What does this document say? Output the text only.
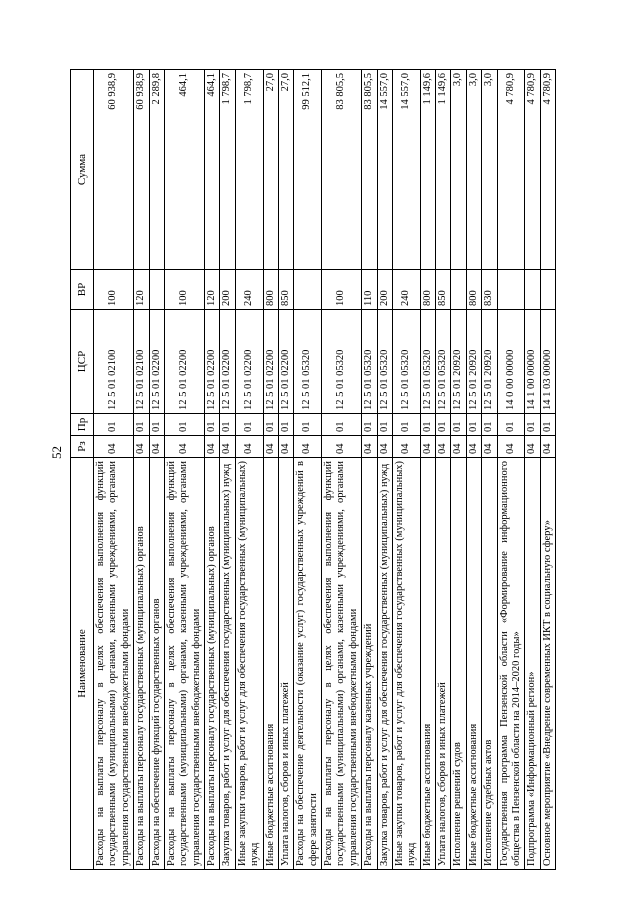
52
Наименование	Рз	Пр	ЦСР	ВР	Сумма
Расходы на выплаты персоналу в целях обеспечения выполнения функций государственными (муниципальными) органами, казенными учреждениями, органами управления государственными внебюджетными фондами	04	01	12 5 01 02100	100	60 938,9
Расходы на выплаты персоналу государственных (муниципальных) органов	04	01	12 5 01 02100	120	60 938,9
Расходы на обеспечение функций государственных органов	04	01	12 5 01 02200		2 289,8
Расходы на выплаты персоналу в целях обеспечения выполнения функций государственными (муниципальными) органами, казенными учреждениями, органами управления государственными внебюджетными фондами	04	01	12 5 01 02200	100	464,1
Расходы на выплаты персоналу государственных (муниципальных) органов	04	01	12 5 01 02200	120	464,1
Закупка товаров, работ и услуг для обеспечения государственных (муниципальных) нужд	04	01	12 5 01 02200	200	1 798,7
Иные закупки товаров, работ и услуг для обеспечения государственных (муниципальных) нужд	04	01	12 5 01 02200	240	1 798,7
Иные бюджетные ассигнования	04	01	12 5 01 02200	800	27,0
Уплата налогов, сборов и иных платежей	04	01	12 5 01 02200	850	27,0
Расходы на обеспечение деятельности (оказание услуг) государственных учреждений в сфере занятости	04	01	12 5 01 05320		99 512,1
Расходы на выплаты персоналу в целях обеспечения выполнения функций государственными (муниципальными) органами, казенными учреждениями, органами управления государственными внебюджетными фондами	04	01	12 5 01 05320	100	83 805,5
Расходы на выплаты персоналу казенных учреждений	04	01	12 5 01 05320	110	83 805,5
Закупка товаров, работ и услуг для обеспечения государственных (муниципальных) нужд	04	01	12 5 01 05320	200	14 557,0
Иные закупки товаров, работ и услуг для обеспечения государственных (муниципальных) нужд	04	01	12 5 01 05320	240	14 557,0
Иные бюджетные ассигнования	04	01	12 5 01 05320	800	1 149,6
Уплата налогов, сборов и иных платежей	04	01	12 5 01 05320	850	1 149,6
Исполнение решений судов	04	01	12 5 01 20920		3,0
Иные бюджетные ассигнования	04	01	12 5 01 20920	800	3,0
Исполнение судебных актов	04	01	12 5 01 20920	830	3,0
Государственная программа Пензенской области «Формирование информационного общества в Пензенской области на 2014–2020 годы»	04	01	14 0 00 00000		4 780,9
Подпрограмма «Информационный регион»	04	01	14 1 00 00000		4 780,9
Основное мероприятие «Внедрение современных ИКТ в социальную сферу»	04	01	14 1 03 00000		4 780,9
